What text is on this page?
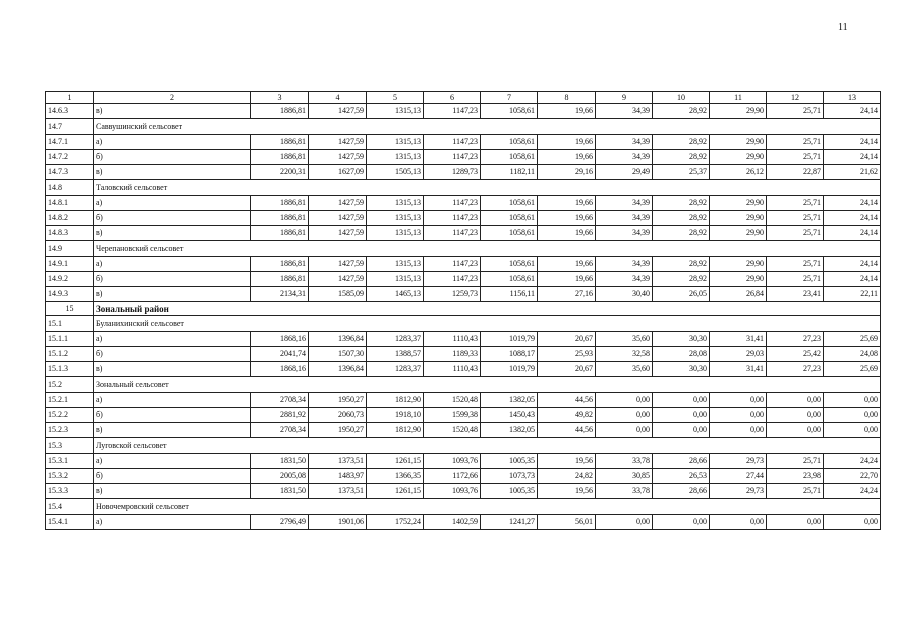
11
1	2	3	4	5	6	7	8	9	10	11	12	13
14.6.3	в)	1886,81	1427,59	1315,13	1147,23	1058,61	19,66	34,39	28,92	29,90	25,71	24,14
14.7	Саввушинский сельсовет											
14.7.1	а)	1886,81	1427,59	1315,13	1147,23	1058,61	19,66	34,39	28,92	29,90	25,71	24,14
14.7.2	б)	1886,81	1427,59	1315,13	1147,23	1058,61	19,66	34,39	28,92	29,90	25,71	24,14
14.7.3	в)	2200,31	1627,09	1505,13	1289,73	1182,11	29,16	29,49	25,37	26,12	22,87	21,62
14.8	Таловский сельсовет											
14.8.1	а)	1886,81	1427,59	1315,13	1147,23	1058,61	19,66	34,39	28,92	29,90	25,71	24,14
14.8.2	б)	1886,81	1427,59	1315,13	1147,23	1058,61	19,66	34,39	28,92	29,90	25,71	24,14
14.8.3	в)	1886,81	1427,59	1315,13	1147,23	1058,61	19,66	34,39	28,92	29,90	25,71	24,14
14.9	Черепановский сельсовет											
14.9.1	а)	1886,81	1427,59	1315,13	1147,23	1058,61	19,66	34,39	28,92	29,90	25,71	24,14
14.9.2	б)	1886,81	1427,59	1315,13	1147,23	1058,61	19,66	34,39	28,92	29,90	25,71	24,14
14.9.3	в)	2134,31	1585,09	1465,13	1259,73	1156,11	27,16	30,40	26,05	26,84	23,41	22,11
15	Зональный район											
15.1	Буланихинский сельсовет											
15.1.1	а)	1868,16	1396,84	1283,37	1110,43	1019,79	20,67	35,60	30,30	31,41	27,23	25,69
15.1.2	б)	2041,74	1507,30	1388,57	1189,33	1088,17	25,93	32,58	28,08	29,03	25,42	24,08
15.1.3	в)	1868,16	1396,84	1283,37	1110,43	1019,79	20,67	35,60	30,30	31,41	27,23	25,69
15.2	Зональный сельсовет											
15.2.1	а)	2708,34	1950,27	1812,90	1520,48	1382,05	44,56	0,00	0,00	0,00	0,00	0,00
15.2.2	б)	2881,92	2060,73	1918,10	1599,38	1450,43	49,82	0,00	0,00	0,00	0,00	0,00
15.2.3	в)	2708,34	1950,27	1812,90	1520,48	1382,05	44,56	0,00	0,00	0,00	0,00	0,00
15.3	Луговской сельсовет											
15.3.1	а)	1831,50	1373,51	1261,15	1093,76	1005,35	19,56	33,78	28,66	29,73	25,71	24,24
15.3.2	б)	2005,08	1483,97	1366,35	1172,66	1073,73	24,82	30,85	26,53	27,44	23,98	22,70
15.3.3	в)	1831,50	1373,51	1261,15	1093,76	1005,35	19,56	33,78	28,66	29,73	25,71	24,24
15.4	Новочемровский сельсовет											
15.4.1	а)	2796,49	1901,06	1752,24	1402,59	1241,27	56,01	0,00	0,00	0,00	0,00	0,00
